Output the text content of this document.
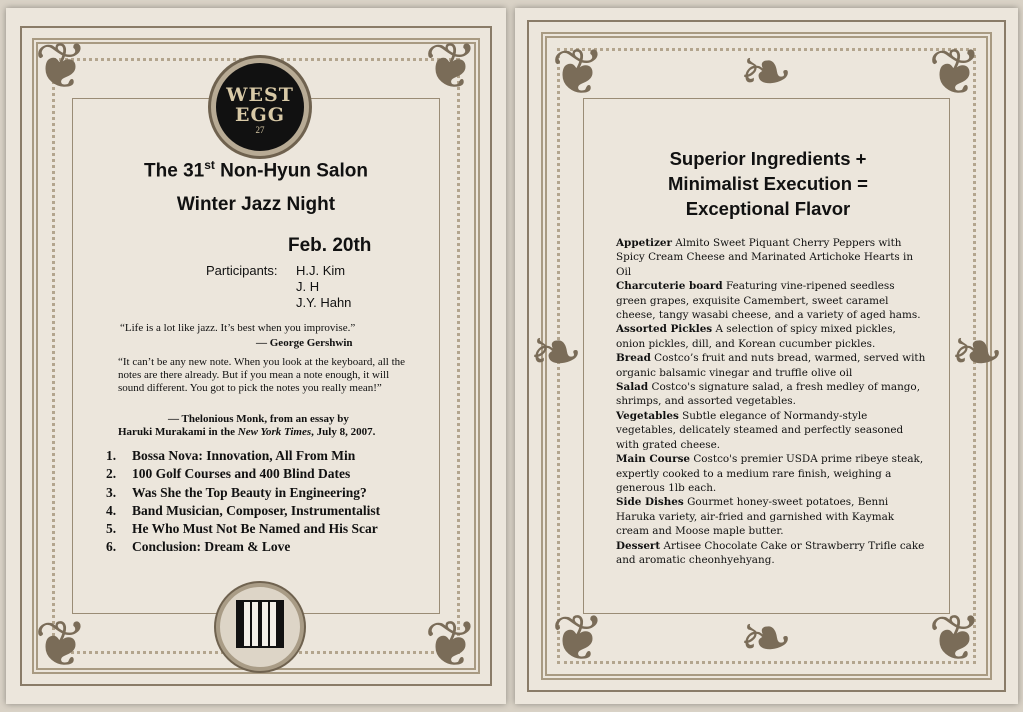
❦	❦
❦	❦
WEST
EGG
27
The 31st Non-Hyun Salon
Winter Jazz Night
Feb. 20th
Participants: H.J. Kim
J. H
J.Y. Hahn
“Life is a lot like jazz. It’s best when you improvise.”
— George Gershwin
“It can’t be any new note. When you look at the keyboard, all the notes are there already. But if you mean a note enough, it will sound different. You got to pick the notes you really mean!”
— Thelonious Monk, from an essay by
Haruki Murakami in the New York Times, July 8, 2007.
1. Bossa Nova: Innovation, All From Min
2. 100 Golf Courses and 400 Blind Dates
3. Was She the Top Beauty in Engineering?
4. Band Musician, Composer, Instrumentalist
5. He Who Must Not Be Named and His Scar
6. Conclusion: Dream & Love
❦	❦
❦	❦
❧
❧
❧	❧
Superior Ingredients +
Minimalist Execution =
Exceptional Flavor
Appetizer Almito Sweet Piquant Cherry Peppers with Spicy Cream Cheese and Marinated Artichoke Hearts in Oil
Charcuterie board Featuring vine-ripened seedless green grapes, exquisite Camembert, sweet caramel cheese, tangy wasabi cheese, and a variety of aged hams.
Assorted Pickles A selection of spicy mixed pickles, onion pickles, dill, and Korean cucumber pickles.
Bread Costco’s fruit and nuts bread, warmed, served with organic balsamic vinegar and truffle olive oil
Salad Costco's signature salad, a fresh medley of mango, shrimps, and assorted vegetables.
Vegetables Subtle elegance of Normandy-style vegetables, delicately steamed and perfectly seasoned with grated cheese.
Main Course Costco's premier USDA prime ribeye steak, expertly cooked to a medium rare finish, weighing a generous 1lb each.
Side Dishes Gourmet honey-sweet potatoes, Benni Haruka variety, air-fried and garnished with Kaymak cream and Moose maple butter.
Dessert Artisee Chocolate Cake or Strawberry Trifle cake and aromatic cheonhyehyang.
